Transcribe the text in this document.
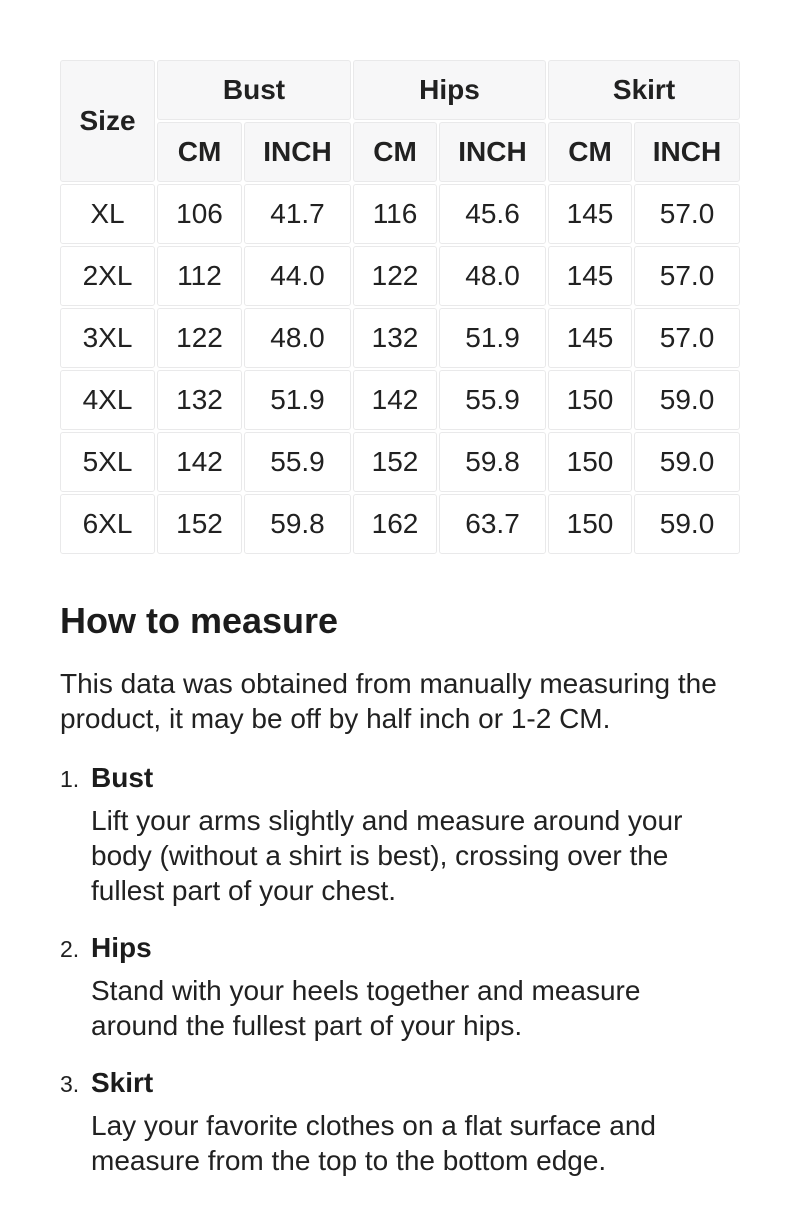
Size	Bust		Hips		Skirt	
	CM	INCH	CM	INCH	CM	INCH
XL	106	41.7	116	45.6	145	57.0
2XL	112	44.0	122	48.0	145	57.0
3XL	122	48.0	132	51.9	145	57.0
4XL	132	51.9	142	55.9	150	59.0
5XL	142	55.9	152	59.8	150	59.0
6XL	152	59.8	162	63.7	150	59.0
How to measure

This data was obtained from manually measuring the product, it may be off by half inch or 1-2 CM.

1. Bust

Lift your arms slightly and measure around your body (without a shirt is best), crossing over the fullest part of your chest.

2. Hips

Stand with your heels together and measure around the fullest part of your hips.

3. Skirt

Lay your favorite clothes on a flat surface and measure from the top to the bottom edge.
